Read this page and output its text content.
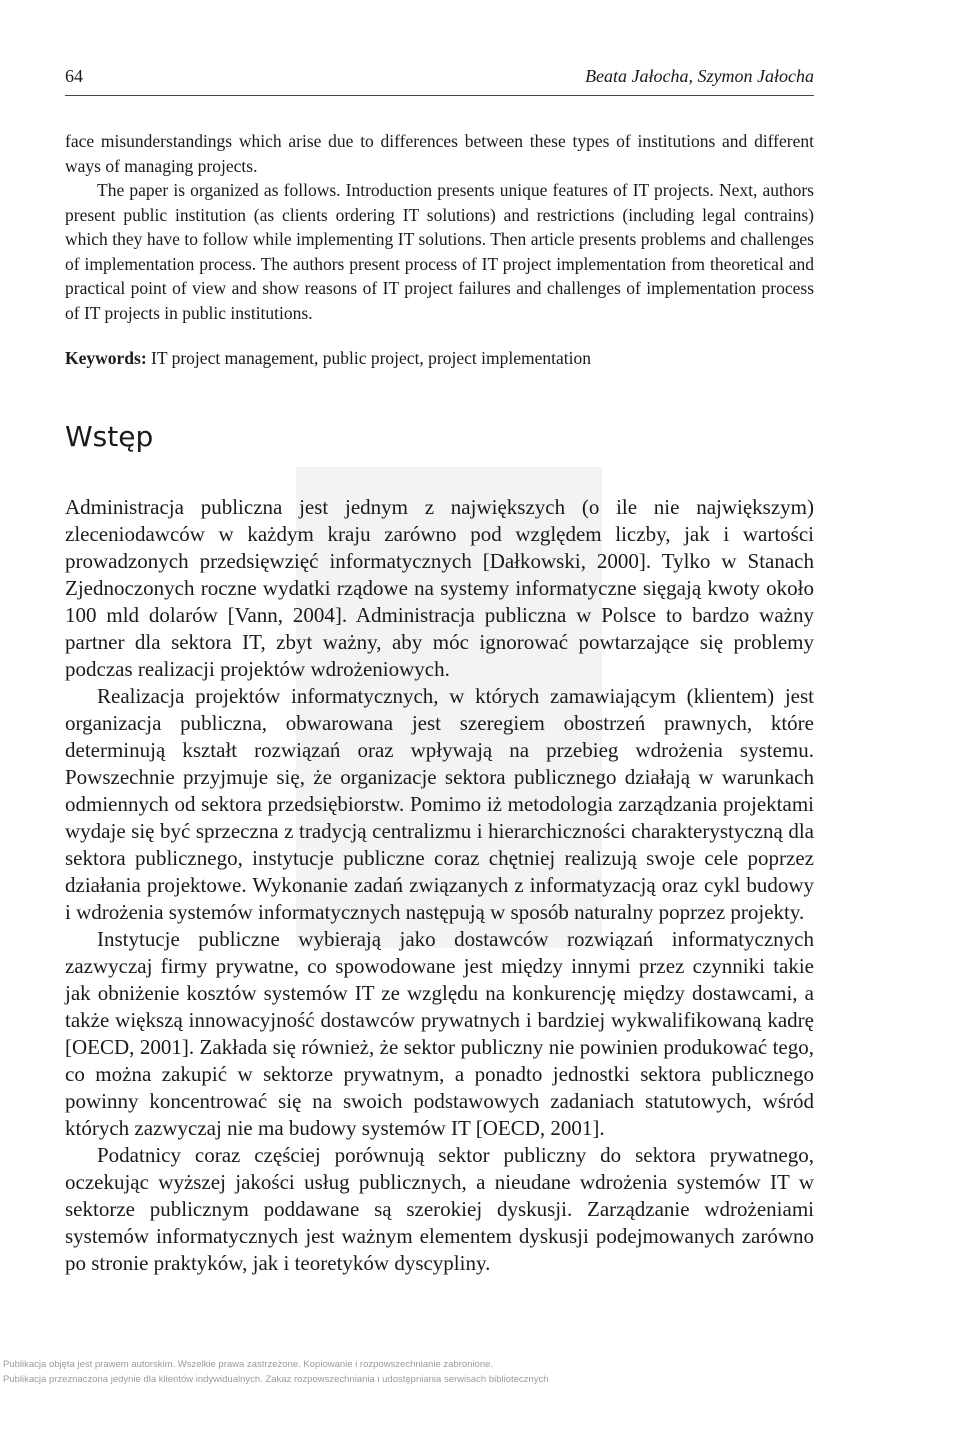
64	Beata Jałocha, Szymon Jałocha

face misunderstandings which arise due to differences between these types of institutions and different ways of managing projects.

The paper is organized as follows. Introduction presents unique features of IT projects. Next, authors present public institution (as clients ordering IT solutions) and restrictions (including legal contrains) which they have to follow while implementing IT solutions. Then article presents problems and challenges of implementation process. The authors present process of IT project implementation from theoretical and practical point of view and show reasons of IT project failures and challenges of implementation process of IT projects in public institutions.

Keywords: IT project management, public project, project implementation
Wstęp

Administracja publiczna jest jednym z największych (o ile nie największym) zleceniodawców w każdym kraju zarówno pod względem liczby, jak i wartości prowadzonych przedsięwzięć informatycznych [Dałkowski, 2000]. Tylko w Stanach Zjednoczonych roczne wydatki rządowe na systemy informatyczne sięgają kwoty około 100 mld dolarów [Vann, 2004]. Administracja publiczna w Polsce to bardzo ważny partner dla sektora IT, zbyt ważny, aby móc ignorować powtarzające się problemy podczas realizacji projektów wdrożeniowych.

Realizacja projektów informatycznych, w których zamawiającym (klientem) jest organizacja publiczna, obwarowana jest szeregiem obostrzeń prawnych, które determinują kształt rozwiązań oraz wpływają na przebieg wdrożenia systemu. Powszechnie przyjmuje się, że organizacje sektora publicznego działają w warunkach odmiennych od sektora przedsiębiorstw. Pomimo iż metodologia zarządzania projektami wydaje się być sprzeczna z tradycją centralizmu i hierarchiczności charakterystyczną dla sektora publicznego, instytucje publiczne coraz chętniej realizują swoje cele poprzez działania projektowe. Wykonanie zadań związanych z informatyzacją oraz cykl budowy i wdrożenia systemów informatycznych następują w sposób naturalny poprzez projekty.

Instytucje publiczne wybierają jako dostawców rozwiązań informatycznych zazwyczaj firmy prywatne, co spowodowane jest między innymi przez czynniki takie jak obniżenie kosztów systemów IT ze względu na konkurencję między dostawcami, a także większą innowacyjność dostawców prywatnych i bardziej wykwalifikowaną kadrę [OECD, 2001]. Zakłada się również, że sektor publiczny nie powinien produkować tego, co można zakupić w sektorze prywatnym, a ponadto jednostki sektora publicznego powinny koncentrować się na swoich podstawowych zadaniach statutowych, wśród których zazwyczaj nie ma budowy systemów IT [OECD, 2001].

Podatnicy coraz częściej porównują sektor publiczny do sektora prywatnego, oczekując wyższej jakości usług publicznych, a nieudane wdrożenia systemów IT w sektorze publicznym poddawane są szerokiej dyskusji. Zarządzanie wdrożeniami systemów informatycznych jest ważnym elementem dyskusji podejmowanych zarówno po stronie praktyków, jak i teoretyków dyscypliny.

Publikacja objęta jest prawem autorskim. Wszelkie prawa zastrzeżone. Kopiowanie i rozpowszechnianie zabronione.
Publikacja przeznaczona jedynie dla klientów indywidualnych. Zakaz rozpowszechniania i udostępniania serwisach bibliotecznych
